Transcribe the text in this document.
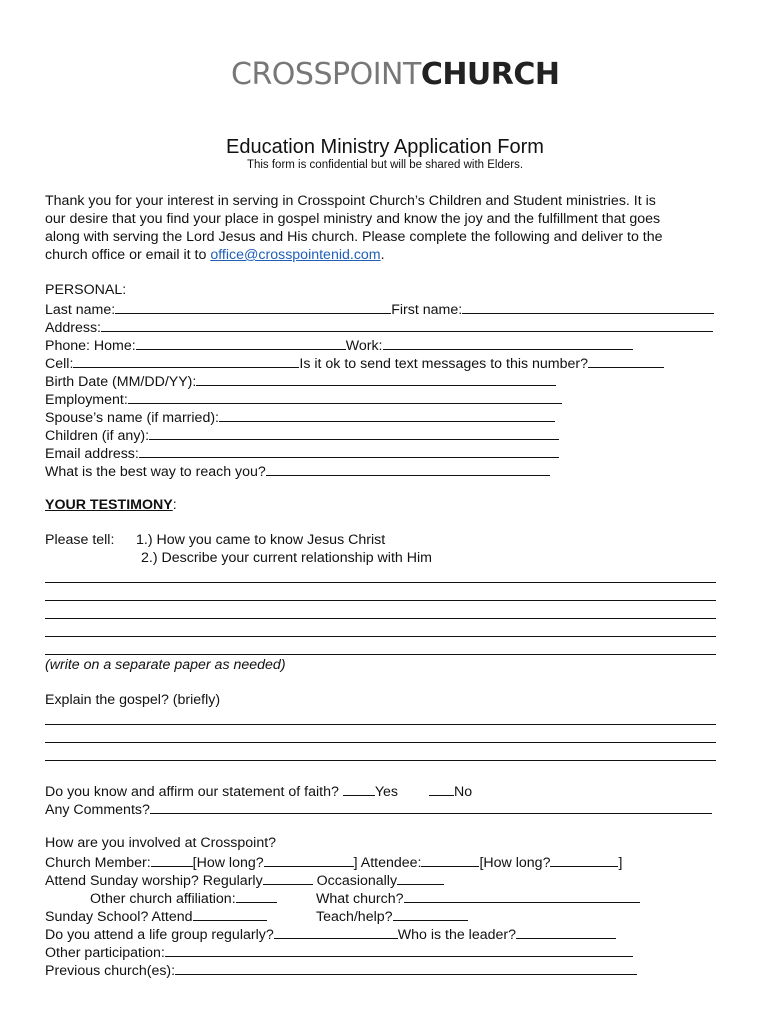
CROSSPOINTCHURCH
Education Ministry Application Form
This form is confidential but will be shared with Elders.
Thank you for your interest in serving in Crosspoint Church’s Children and Student ministries. It is
our desire that you find your place in gospel ministry and know the joy and the fulfillment that goes
along with serving the Lord Jesus and His church. Please complete the following and deliver to the
church office or email it to office@crosspointenid.com.
PERSONAL:
Last name:	First name:
Address:
Phone: Home:	Work:
Cell:	Is it ok to send text messages to this number?
Birth Date (MM/DD/YY):
Employment:
Spouse’s name (if married):
Children (if any):
Email address:
What is the best way to reach you?
YOUR TESTIMONY:
Please tell: 1.) How you came to know Jesus Christ
2.) Describe your current relationship with Him
(write on a separate paper as needed)
Explain the gospel? (briefly)
Do you know and affirm our statement of faith? Yes	No
Any Comments?
How are you involved at Crosspoint?
Church Member:	[How long?	] Attendee:	[How long?	]
Attend Sunday worship? Regularly	Occasionally
Other church affiliation:	What church?
Sunday School? Attend	Teach/help?
Do you attend a life group regularly?	Who is the leader?
Other participation:
Previous church(es):
